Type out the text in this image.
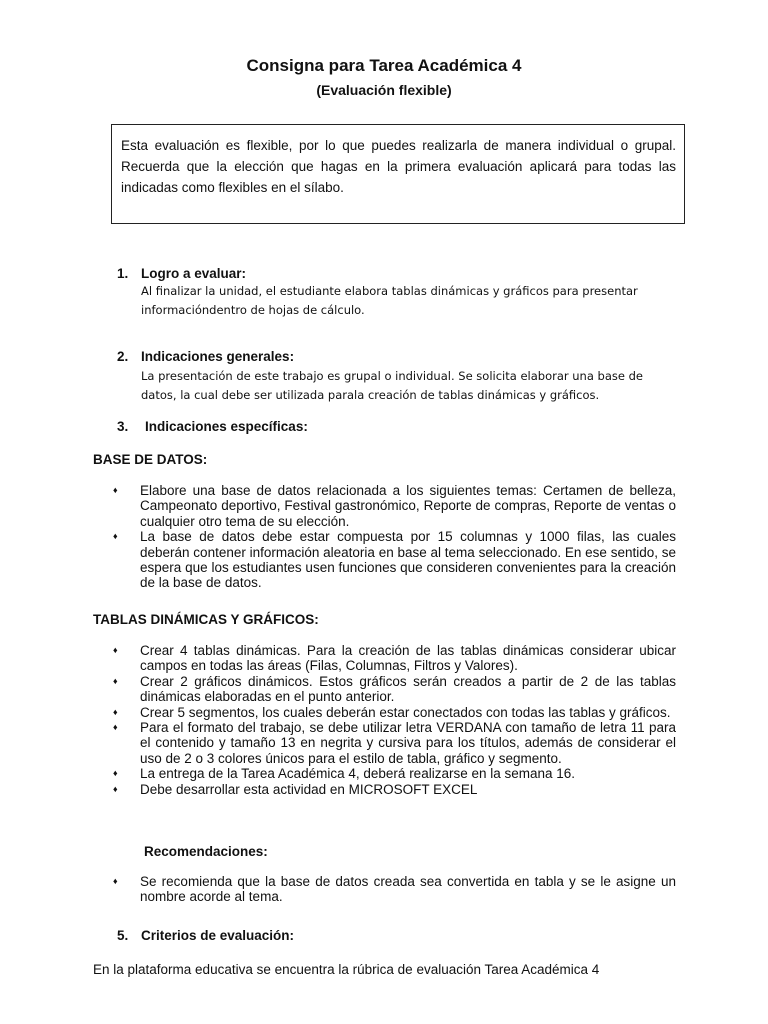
Consigna para Tarea Académica 4
(Evaluación flexible)
Esta evaluación es flexible, por lo que puedes realizarla de manera individual o grupal. Recuerda que la elección que hagas en la primera evaluación aplicará para todas las indicadas como flexibles en el sílabo.
1. Logro a evaluar:
Al finalizar la unidad, el estudiante elabora tablas dinámicas y gráficos para presentar informacióndentro de hojas de cálculo.
2. Indicaciones generales:
La presentación de este trabajo es grupal o individual. Se solicita elaborar una base de datos, la cual debe ser utilizada parala creación de tablas dinámicas y gráficos.
3. Indicaciones específicas:
BASE DE DATOS:
♦ Elabore una base de datos relacionada a los siguientes temas: Certamen de belleza, Campeonato deportivo, Festival gastronómico, Reporte de compras, Reporte de ventas o cualquier otro tema de su elección.
♦ La base de datos debe estar compuesta por 15 columnas y 1000 filas, las cuales deberán contener información aleatoria en base al tema seleccionado. En ese sentido, se espera que los estudiantes usen funciones que consideren convenientes para la creación de la base de datos.
TABLAS DINÁMICAS Y GRÁFICOS:
♦ Crear 4 tablas dinámicas. Para la creación de las tablas dinámicas considerar ubicar campos en todas las áreas (Filas, Columnas, Filtros y Valores).
♦ Crear 2 gráficos dinámicos. Estos gráficos serán creados a partir de 2 de las tablas dinámicas elaboradas en el punto anterior.
♦ Crear 5 segmentos, los cuales deberán estar conectados con todas las tablas y gráficos.
♦ Para el formato del trabajo, se debe utilizar letra VERDANA con tamaño de letra 11 para el contenido y tamaño 13 en negrita y cursiva para los títulos, además de considerar el uso de 2 o 3 colores únicos para el estilo de tabla, gráfico y segmento.
♦ La entrega de la Tarea Académica 4, deberá realizarse en la semana 16.
♦ Debe desarrollar esta actividad en MICROSOFT EXCEL
Recomendaciones:
♦ Se recomienda que la base de datos creada sea convertida en tabla y se le asigne un nombre acorde al tema.
5. Criterios de evaluación:
En la plataforma educativa se encuentra la rúbrica de evaluación Tarea Académica 4
